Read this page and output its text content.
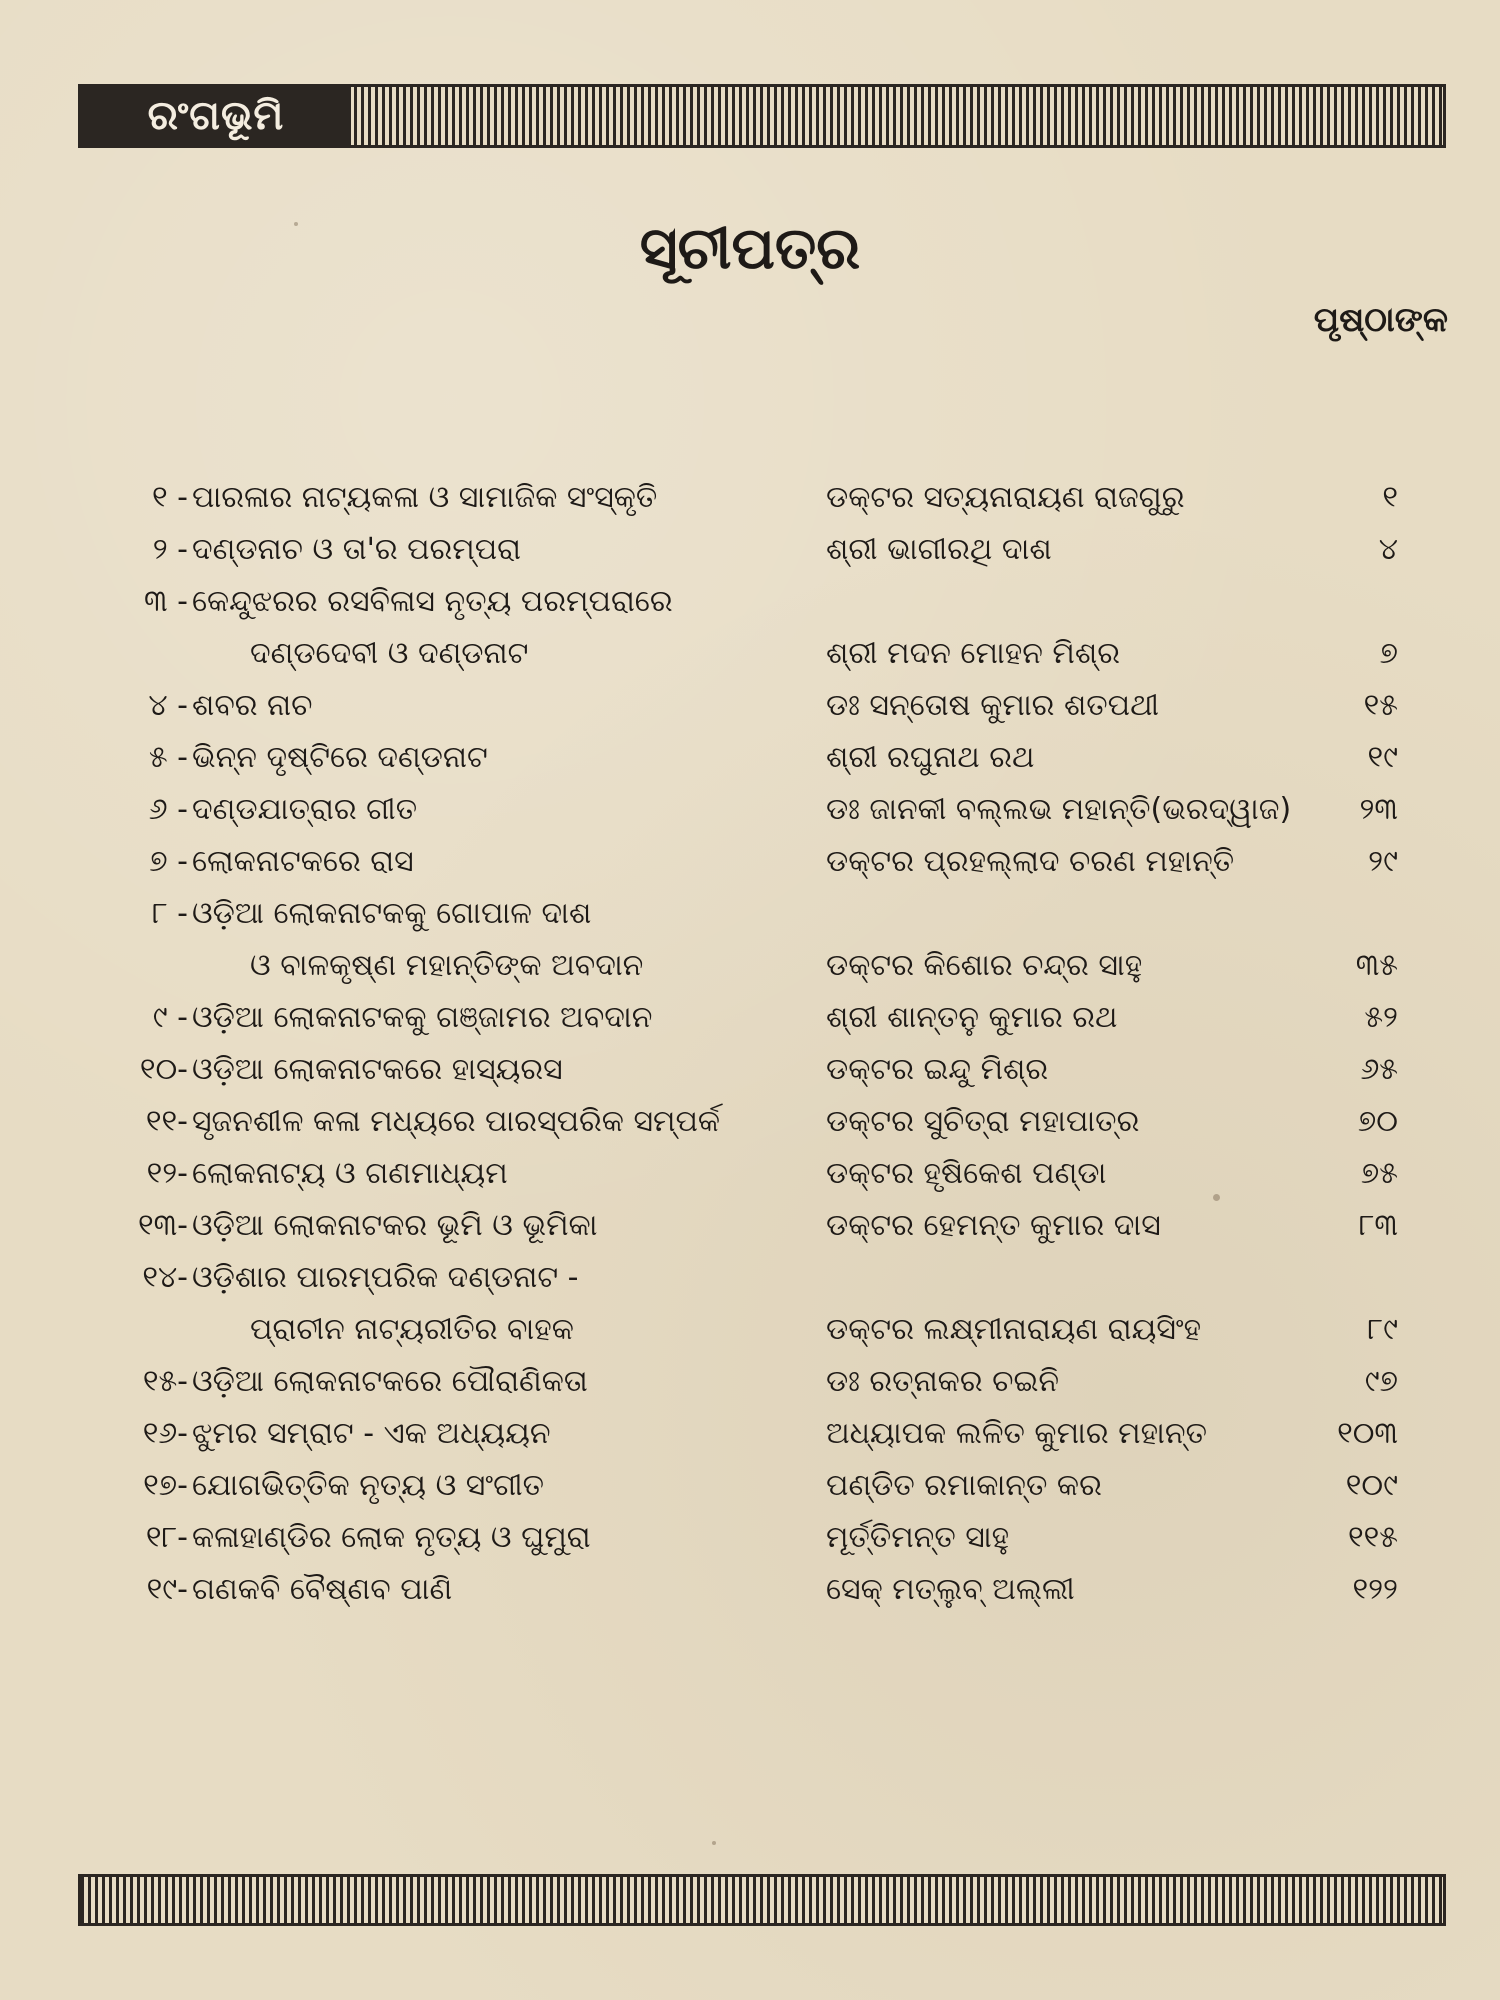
ରଂଗଭୂମି
ସୂଚୀପତ୍ର
ପୃଷ୍ଠାଙ୍କ
୧ - ପାରଳାର ନାଟ୍ୟକଳା ଓ ସାମାଜିକ ସଂସ୍କୃତି	ଡକ୍ଟର ସତ୍ୟନାରାୟଣ ରାଜଗୁରୁ	୧
୨ - ଦଣ୍ଡନାଚ ଓ ତା'ର ପରମ୍ପରା	ଶ୍ରୀ ଭାଗୀରଥି ଦାଶ	୪
୩ - କେନ୍ଦୁଝରର ରସବିଳାସ ନୃତ୍ୟ ପରମ୍ପରାରେ
ଦଣ୍ଡଦେବୀ ଓ ଦଣ୍ଡନାଟ	ଶ୍ରୀ ମଦନ ମୋହନ ମିଶ୍ର	୭
୪ - ଶବର ନାଚ	ଡଃ ସନ୍ତୋଷ କୁମାର ଶତପଥୀ	୧୫
୫ - ଭିନ୍ନ ଦୃଷ୍ଟିରେ ଦଣ୍ଡନାଟ	ଶ୍ରୀ ରଘୁନାଥ ରଥ	୧୯
୬ - ଦଣ୍ଡଯାତ୍ରାର ଗୀତ	ଡଃ ଜାନକୀ ବଲ୍ଲଭ ମହାନ୍ତି(ଭରଦ୍ୱାଜ)	୨୩
୭ - ଲୋକନାଟକରେ ରାସ	ଡକ୍ଟର ପ୍ରହଲ୍ଲାଦ ଚରଣ ମହାନ୍ତି	୨୯
୮ - ଓଡ଼ିଆ ଲୋକନାଟକକୁ ଗୋପାଳ ଦାଶ
ଓ ବାଳକୃଷ୍ଣ ମହାନ୍ତିଙ୍କ ଅବଦାନ	ଡକ୍ଟର କିଶୋର ଚନ୍ଦ୍ର ସାହୁ	୩୫
୯ - ଓଡ଼ିଆ ଲୋକନାଟକକୁ ଗଞ୍ଜାମର ଅବଦାନ	ଶ୍ରୀ ଶାନ୍ତନୁ କୁମାର ରଥ	୫୨
୧୦- ଓଡ଼ିଆ ଲୋକନାଟକରେ ହାସ୍ୟରସ	ଡକ୍ଟର ଇନ୍ଦୁ ମିଶ୍ର	୬୫
୧୧- ସୃଜନଶୀଳ କଳା ମଧ୍ୟରେ ପାରସ୍ପରିକ ସମ୍ପର୍କ	ଡକ୍ଟର ସୁଚିତ୍ରା ମହାପାତ୍ର	୭୦
୧୨- ଲୋକନାଟ୍ୟ ଓ ଗଣମାଧ୍ୟମ	ଡକ୍ଟର ହୃଷିକେଶ ପଣ୍ଡା	୭୫
୧୩- ଓଡ଼ିଆ ଲୋକନାଟକର ଭୂମି ଓ ଭୂମିକା	ଡକ୍ଟର ହେମନ୍ତ କୁମାର ଦାସ	୮୩
୧୪- ଓଡ଼ିଶାର ପାରମ୍ପରିକ ଦଣ୍ଡନାଟ -
ପ୍ରାଚୀନ ନାଟ୍ୟରୀତିର ବାହକ	ଡକ୍ଟର ଲକ୍ଷ୍ମୀନାରାୟଣ ରାୟସିଂହ	୮୯
୧୫- ଓଡ଼ିଆ ଲୋକନାଟକରେ ପୌରାଣିକତା	ଡଃ ରତ୍ନାକର ଚଇନି	୯୭
୧୬- ଝୁମର ସମ୍ରାଟ - ଏକ ଅଧ୍ୟୟନ	ଅଧ୍ୟାପକ ଲଳିତ କୁମାର ମହାନ୍ତ	୧୦୩
୧୭- ଯୋଗଭିତ୍ତିକ ନୃତ୍ୟ ଓ ସଂଗୀତ	ପଣ୍ଡିତ ରମାକାନ୍ତ କର	୧୦୯
୧୮- କଳାହାଣ୍ଡିର ଲୋକ ନୃତ୍ୟ ଓ ଘୁମୁରା	ମୂର୍ତ୍ତିମନ୍ତ ସାହୁ	୧୧୫
୧୯- ଗଣକବି ବୈଷ୍ଣବ ପାଣି	ସେକ୍ ମତ୍ଲୁବ୍ ଅଲ୍ଲୀ	୧୨୨
